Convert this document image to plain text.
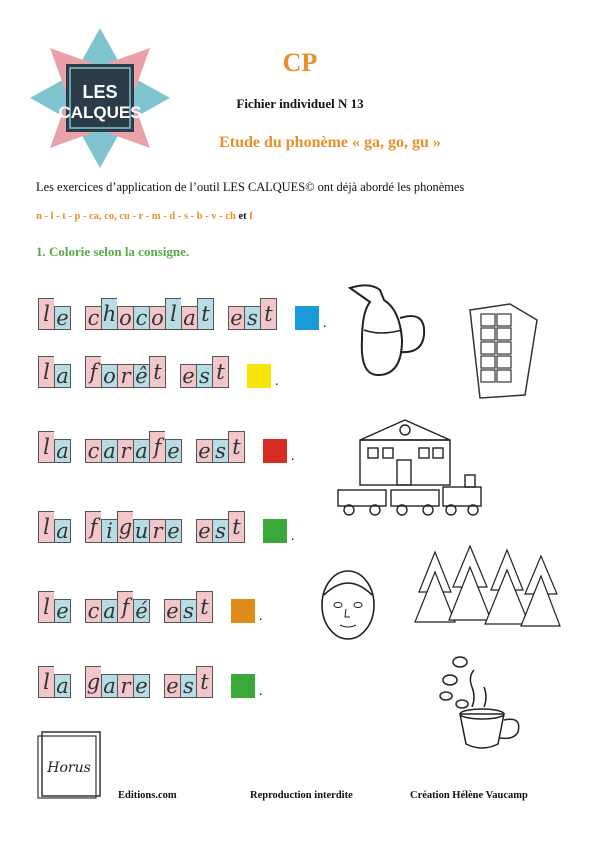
LES
CALQUES
CP
Fichier individuel N 13
Etude du phonème « ga, go, gu »
Les exercices d’application de l’outil LES CALQUES© ont déjà abordé les phonèmes
n - l - t - p - ca, co, cu - r - m - d - s - b - v - ch et f
1. Colorie selon la consigne.
l e c h o c o l a t e s t	.
l a f o r ê t e s t	.
l a c a r a f e e s t	.
l a f i g u r e e s t	.
l e c a f é e s t	.
l a g a r e e s t	.
Horus
Editions.com	Reproduction interdite	Création Hélène Vaucamp
